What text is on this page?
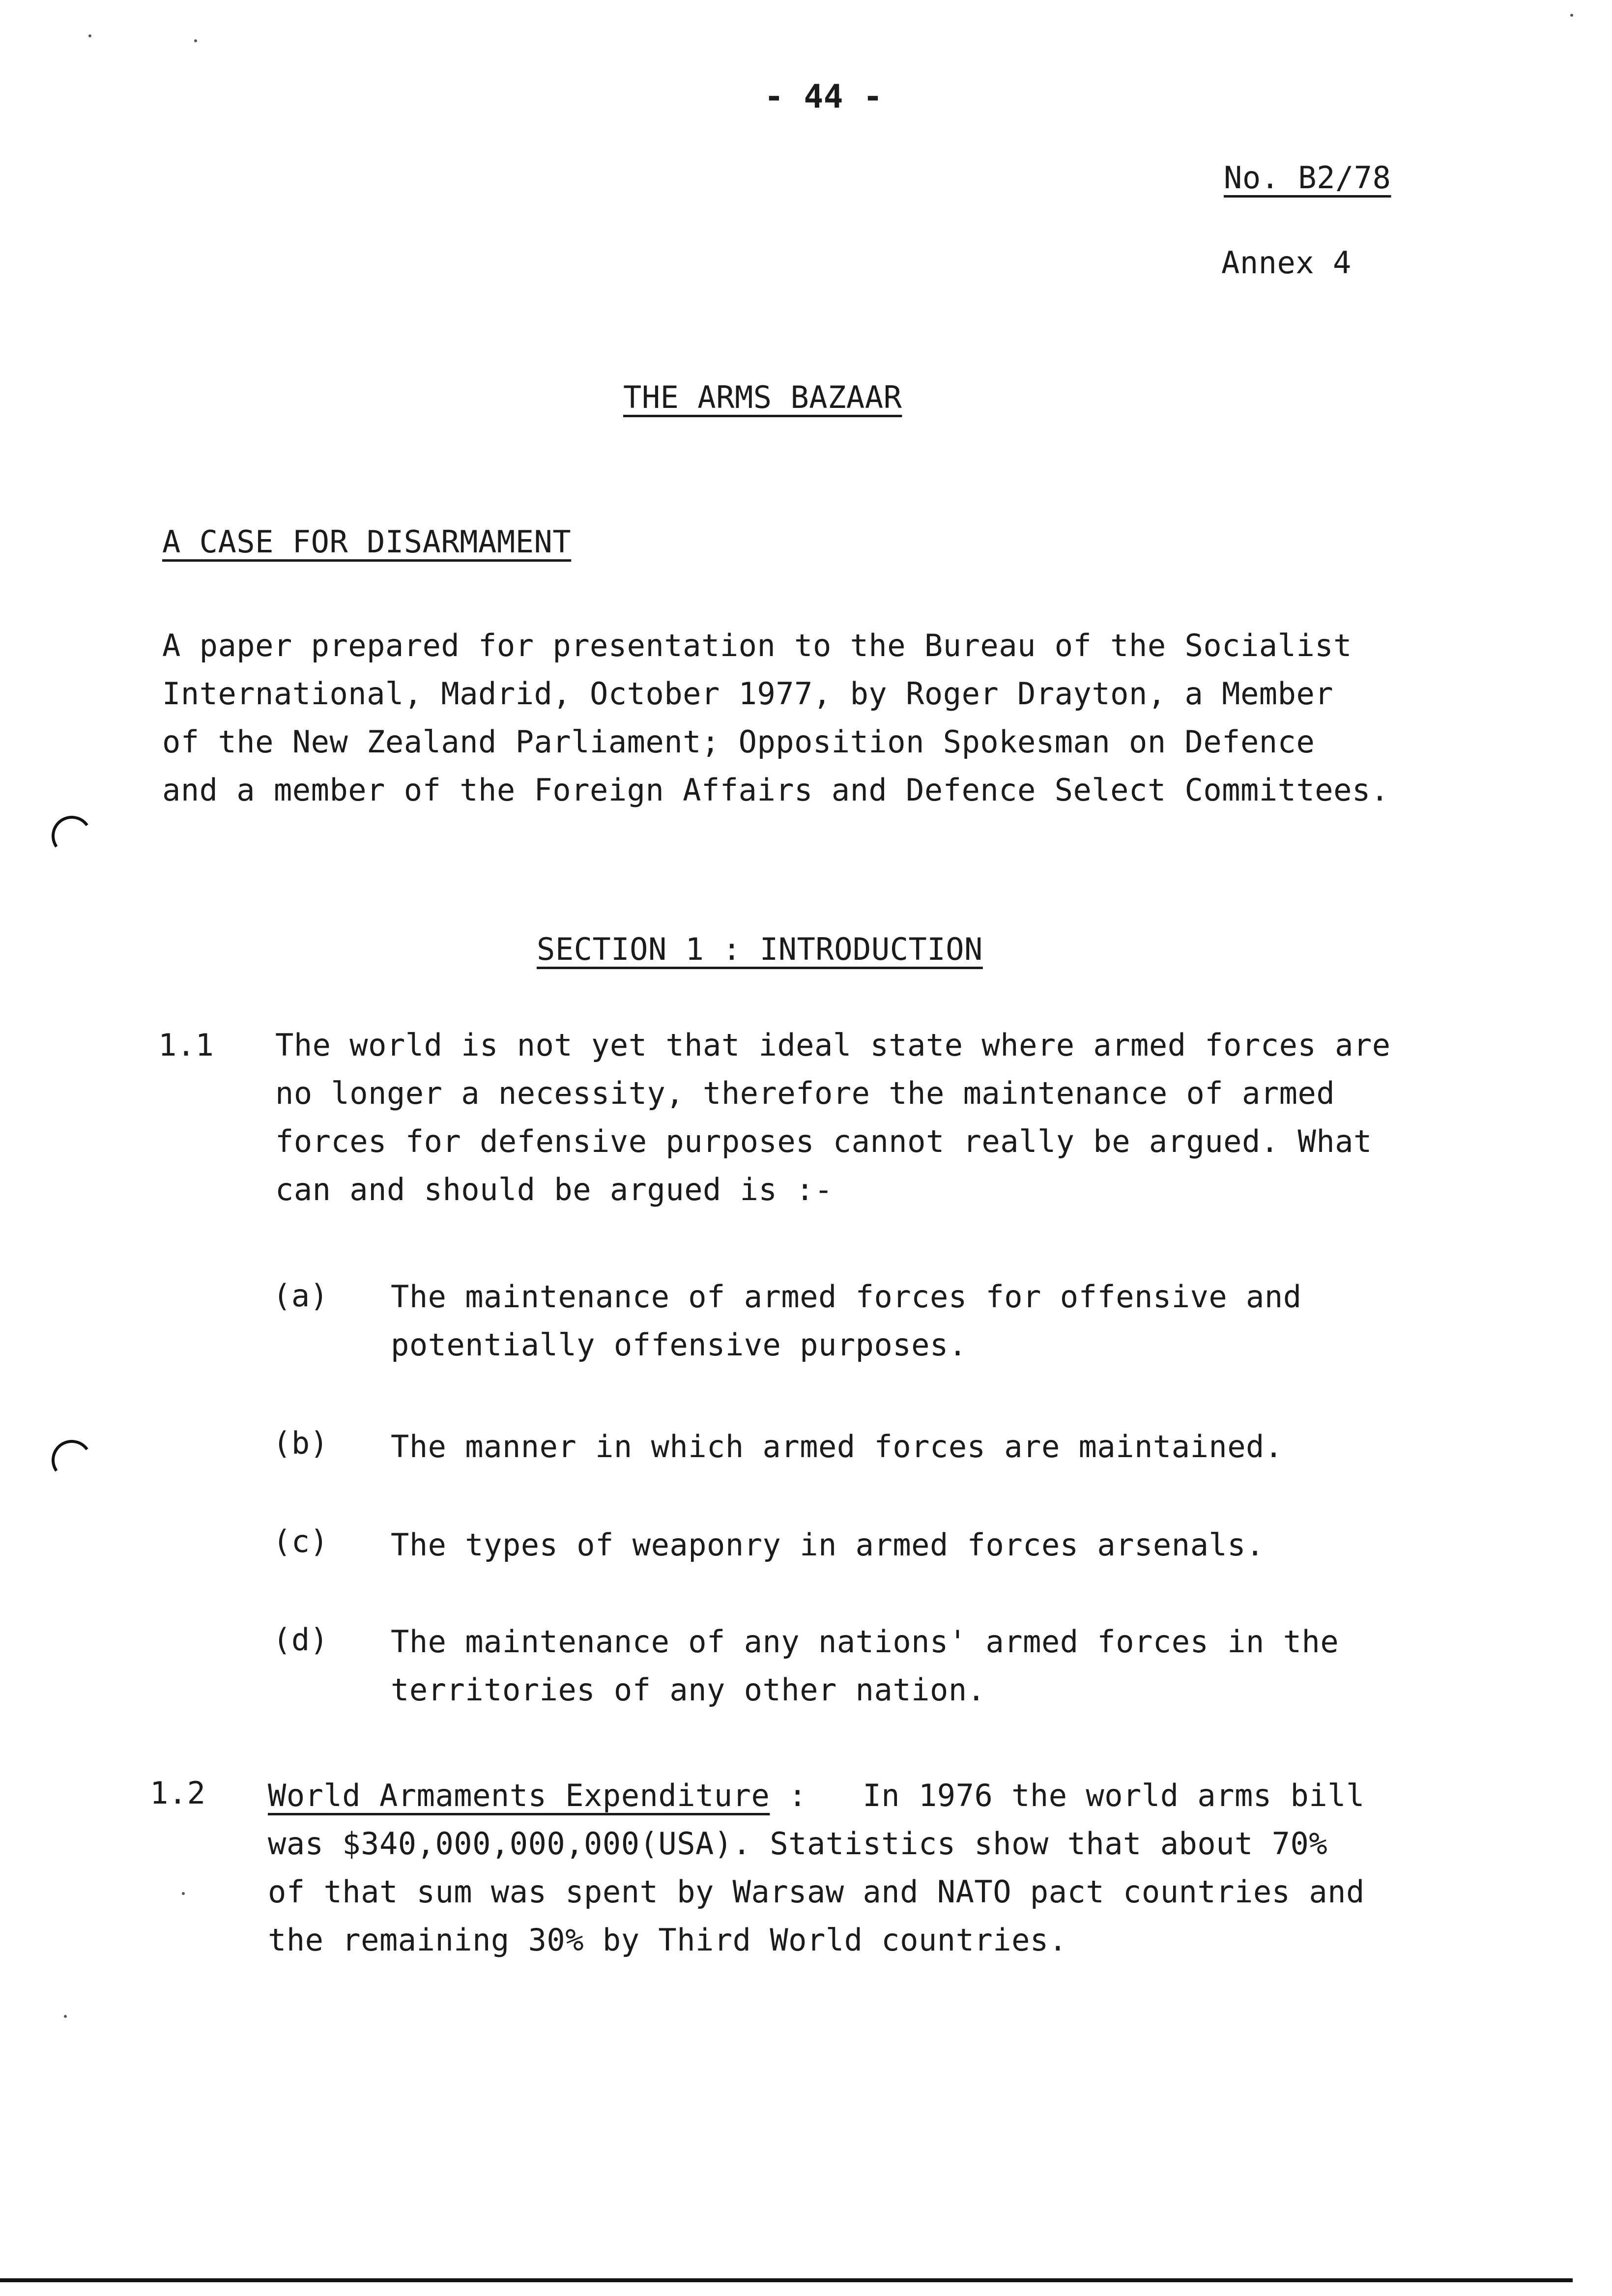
- 44 -
No. B2/78
Annex 4
THE ARMS BAZAAR
A CASE FOR DISARMAMENT
A paper prepared for presentation to the Bureau of the Socialist
International, Madrid, October 1977, by Roger Drayton, a Member
of the New Zealand Parliament; Opposition Spokesman on Defence
and a member of the Foreign Affairs and Defence Select Committees.
SECTION 1 : INTRODUCTION
1.1 The world is not yet that ideal state where armed forces are
no longer a necessity, therefore the maintenance of armed
forces for defensive purposes cannot really be argued. What
can and should be argued is :-
(a) The maintenance of armed forces for offensive and
potentially offensive purposes.
(b) The manner in which armed forces are maintained.
(c) The types of weaponry in armed forces arsenals.
(d) The maintenance of any nations' armed forces in the
territories of any other nation.
1.2 World Armaments Expenditure :   In 1976 the world arms bill
was $340,000,000,000(USA). Statistics show that about 70%
of that sum was spent by Warsaw and NATO pact countries and
the remaining 30% by Third World countries.
